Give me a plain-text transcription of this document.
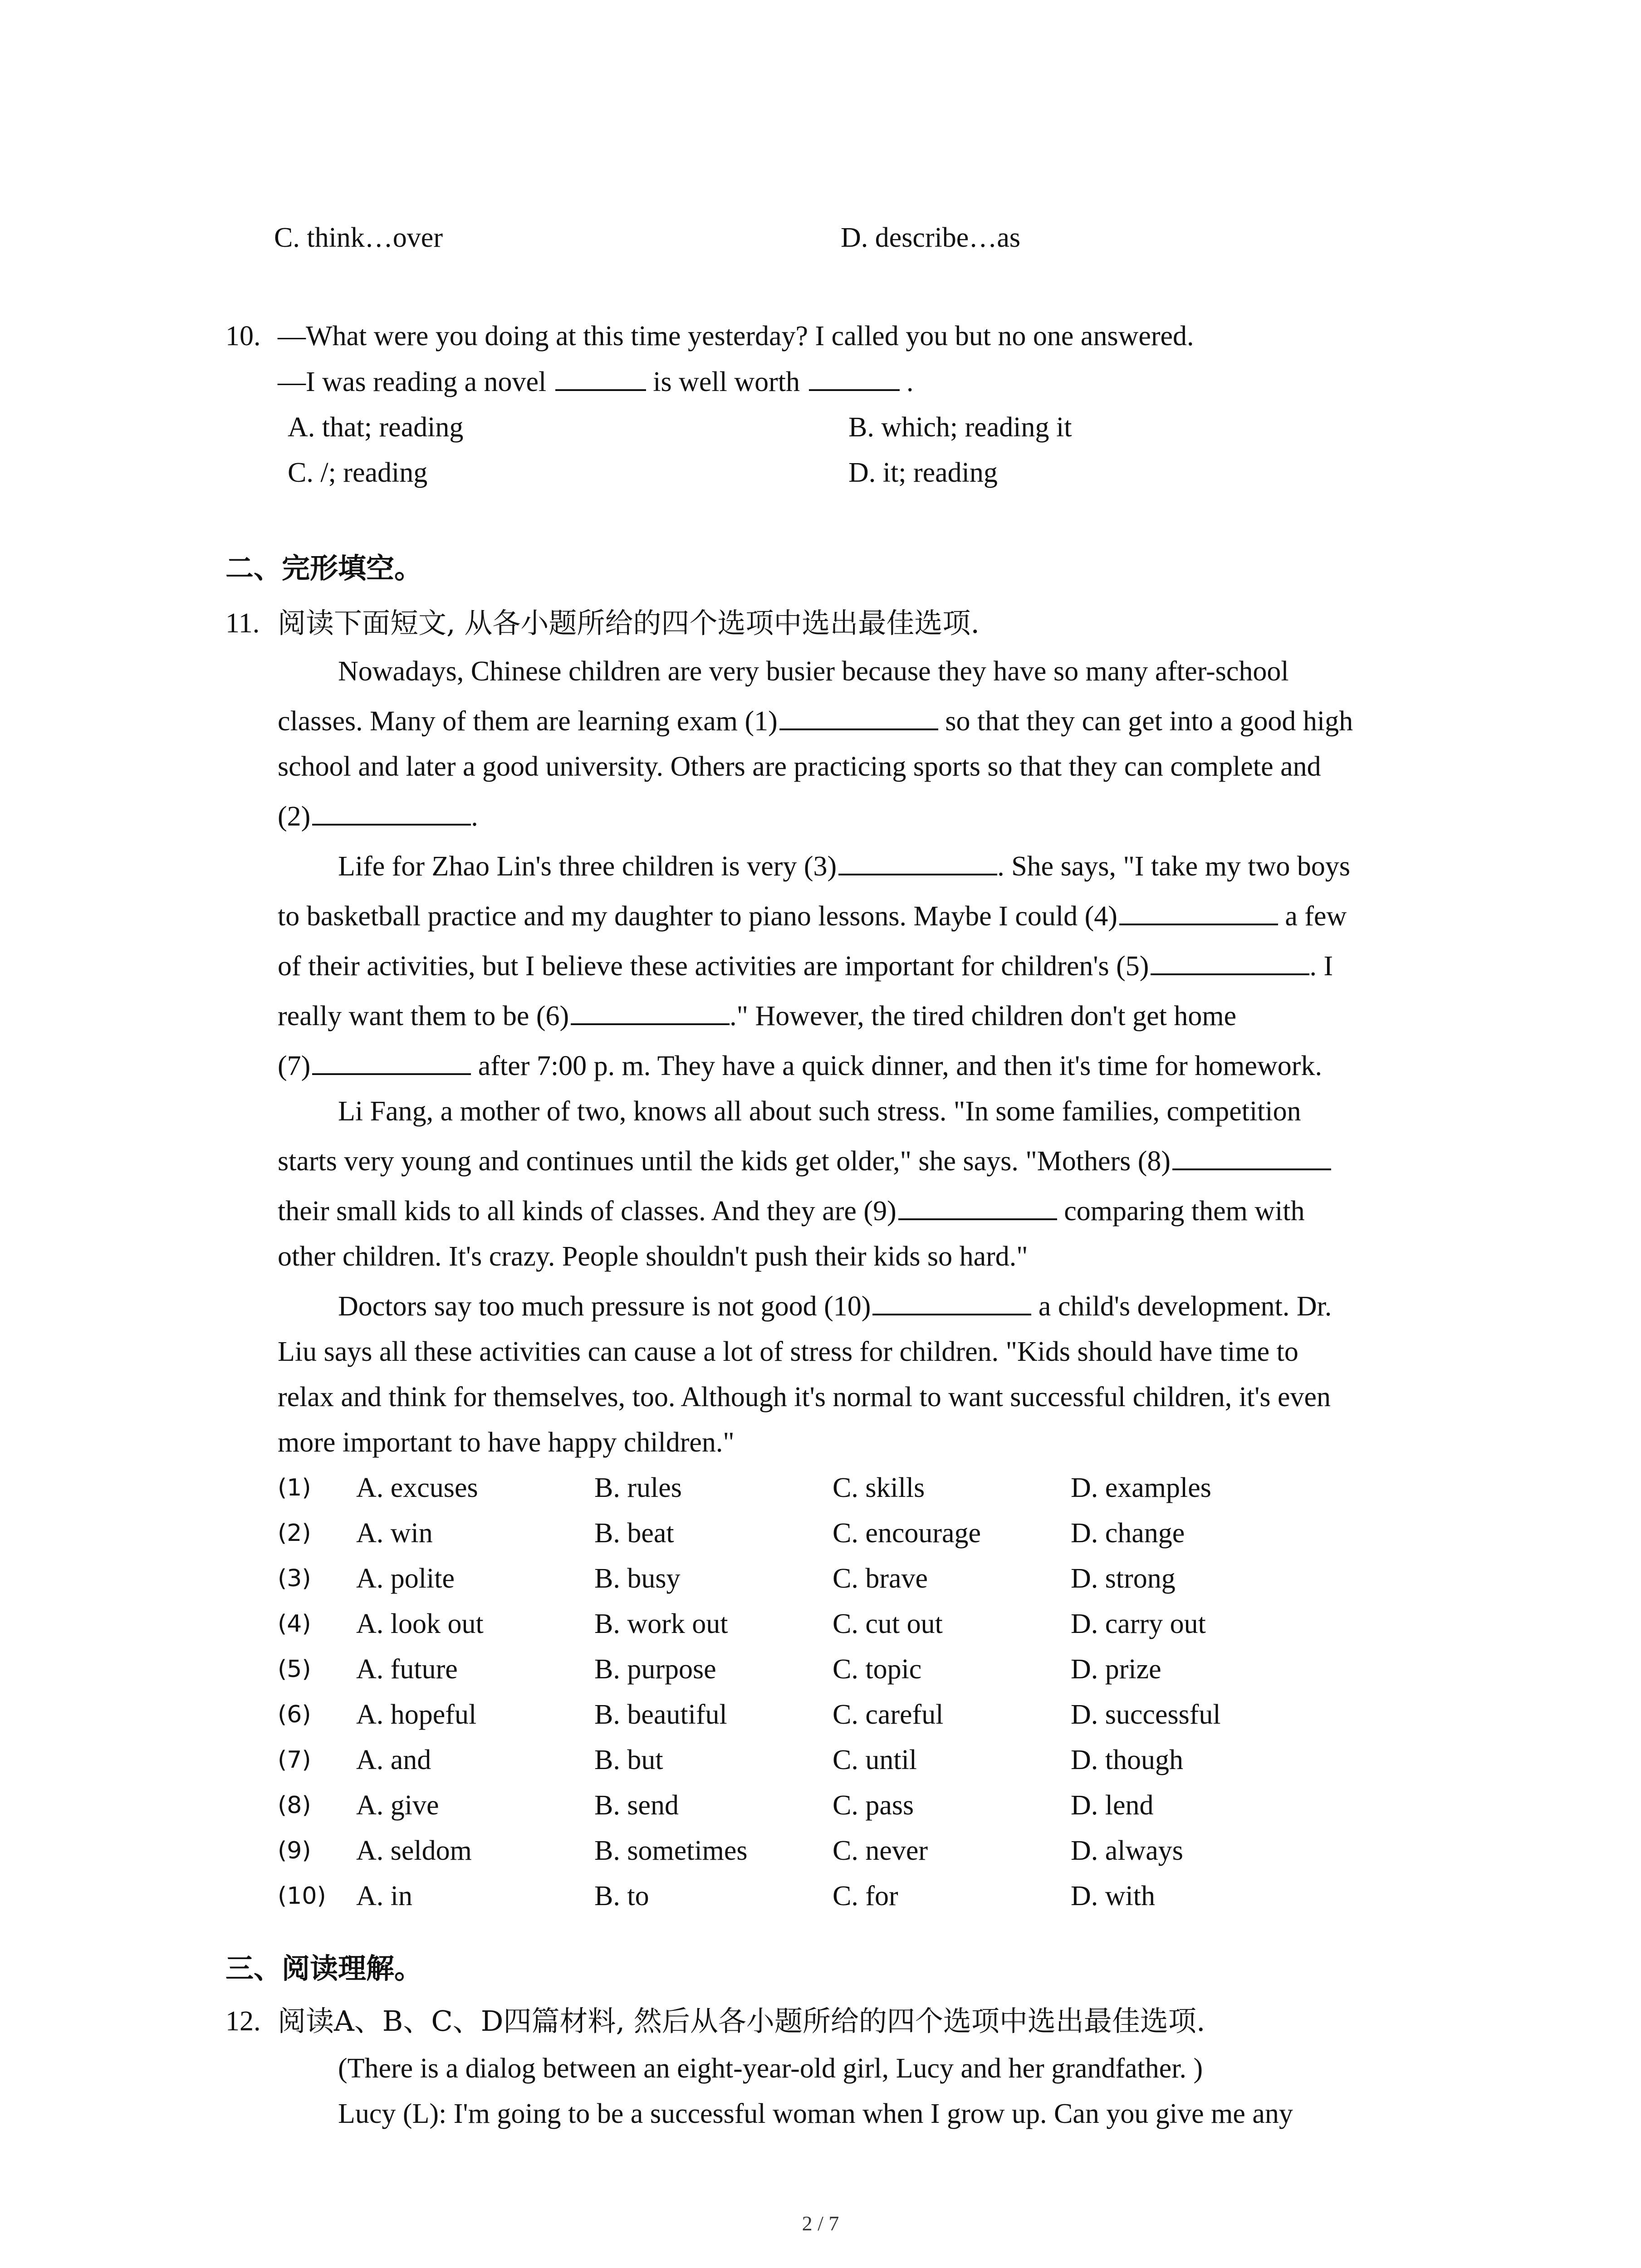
C. think…over	D. describe…as
10. —What were you doing at this time yesterday? I called you but no one answered.
—I was reading a novel	is well worth	.
A. that; reading	B. which; reading it
C. /; reading	D. it; reading
二、完形填空。
11. 阅读下面短文, 从各小题所给的四个选项中选出最佳选项.
Nowadays, Chinese children are very busier because they have so many after-school
classes. Many of them are learning exam (1)	so that they can get into a good high
school and later a good university. Others are practicing sports so that they can complete and
(2)	.
Life for Zhao Lin's three children is very (3)	. She says, "I take my two boys
to basketball practice and my daughter to piano lessons. Maybe I could (4)	a few
of their activities, but I believe these activities are important for children's (5)	. I
really want them to be (6)	." However, the tired children don't get home
(7)	after 7:00 p. m. They have a quick dinner, and then it's time for homework.
Li Fang, a mother of two, knows all about such stress. "In some families, competition
starts very young and continues until the kids get older," she says. "Mothers (8)
their small kids to all kinds of classes. And they are (9)	comparing them with
other children. It's crazy. People shouldn't push their kids so hard."
Doctors say too much pressure is not good (10)	a child's development. Dr.
Liu says all these activities can cause a lot of stress for children. "Kids should have time to
relax and think for themselves, too. Although it's normal to want successful children, it's even
more important to have happy children."
(1) A. excuses	B. rules	C. skills	D. examples
(2) A. win	B. beat	C. encourage	D. change
(3) A. polite	B. busy	C. brave	D. strong
(4) A. look out	B. work out	C. cut out	D. carry out
(5) A. future	B. purpose	C. topic	D. prize
(6) A. hopeful	B. beautiful	C. careful	D. successful
(7) A. and	B. but	C. until	D. though
(8) A. give	B. send	C. pass	D. lend
(9) A. seldom	B. sometimes	C. never	D. always
(10) A. in	B. to	C. for	D. with
三、阅读理解。
12. 阅读A、B、C、D四篇材料, 然后从各小题所给的四个选项中选出最佳选项.
(There is a dialog between an eight-year-old girl, Lucy and her grandfather. )
Lucy (L): I'm going to be a successful woman when I grow up. Can you give me any
2 / 7
